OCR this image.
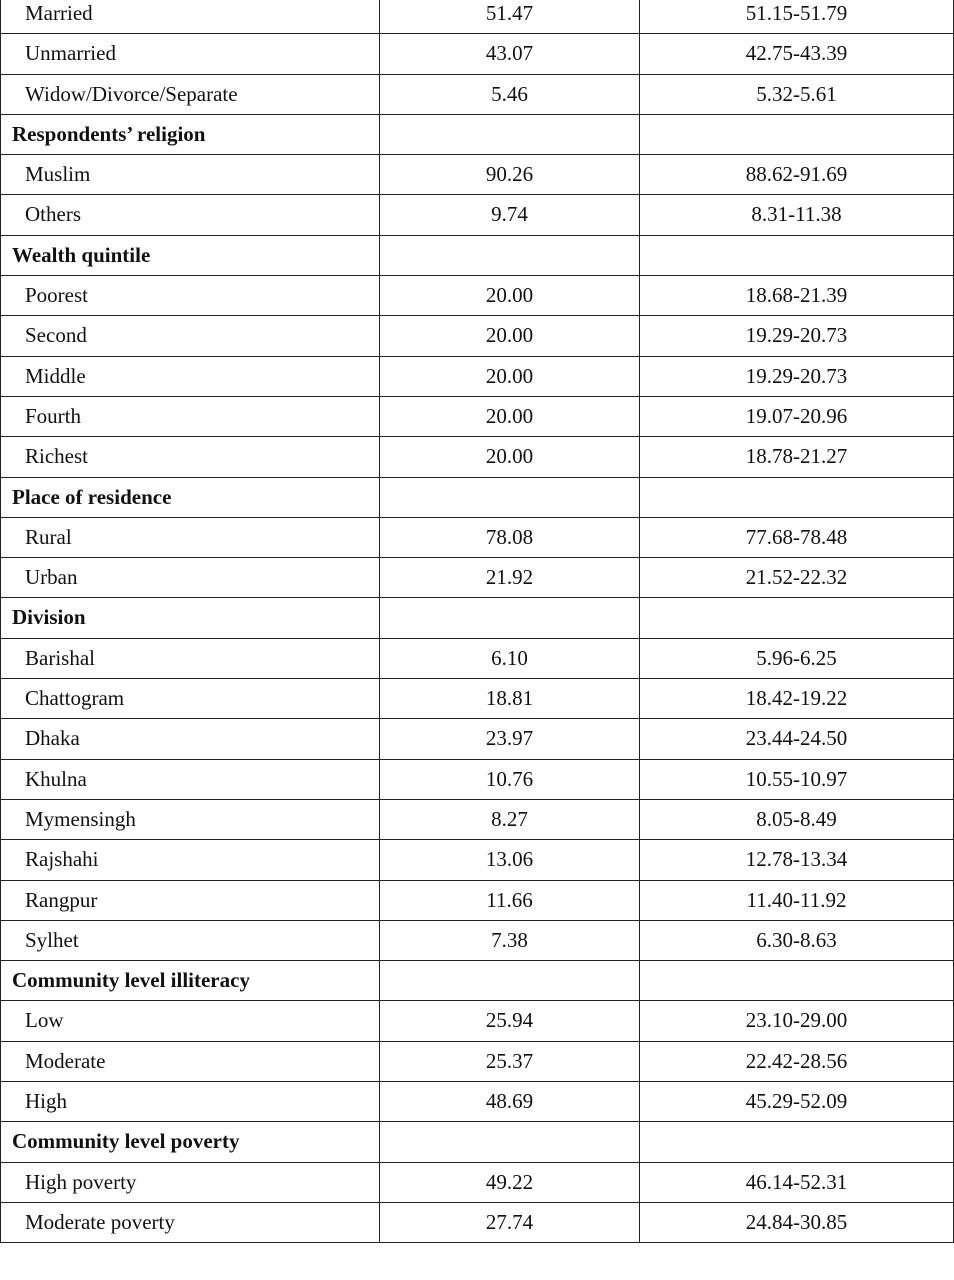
Married	51.47	51.15-51.79
Unmarried	43.07	42.75-43.39
Widow/Divorce/Separate	5.46	5.32-5.61
Respondents’ religion		
Muslim	90.26	88.62-91.69
Others	9.74	8.31-11.38
Wealth quintile		
Poorest	20.00	18.68-21.39
Second	20.00	19.29-20.73
Middle	20.00	19.29-20.73
Fourth	20.00	19.07-20.96
Richest	20.00	18.78-21.27
Place of residence		
Rural	78.08	77.68-78.48
Urban	21.92	21.52-22.32
Division		
Barishal	6.10	5.96-6.25
Chattogram	18.81	18.42-19.22
Dhaka	23.97	23.44-24.50
Khulna	10.76	10.55-10.97
Mymensingh	8.27	8.05-8.49
Rajshahi	13.06	12.78-13.34
Rangpur	11.66	11.40-11.92
Sylhet	7.38	6.30-8.63
Community level illiteracy		
Low	25.94	23.10-29.00
Moderate	25.37	22.42-28.56
High	48.69	45.29-52.09
Community level poverty		
High poverty	49.22	46.14-52.31
Moderate poverty	27.74	24.84-30.85
